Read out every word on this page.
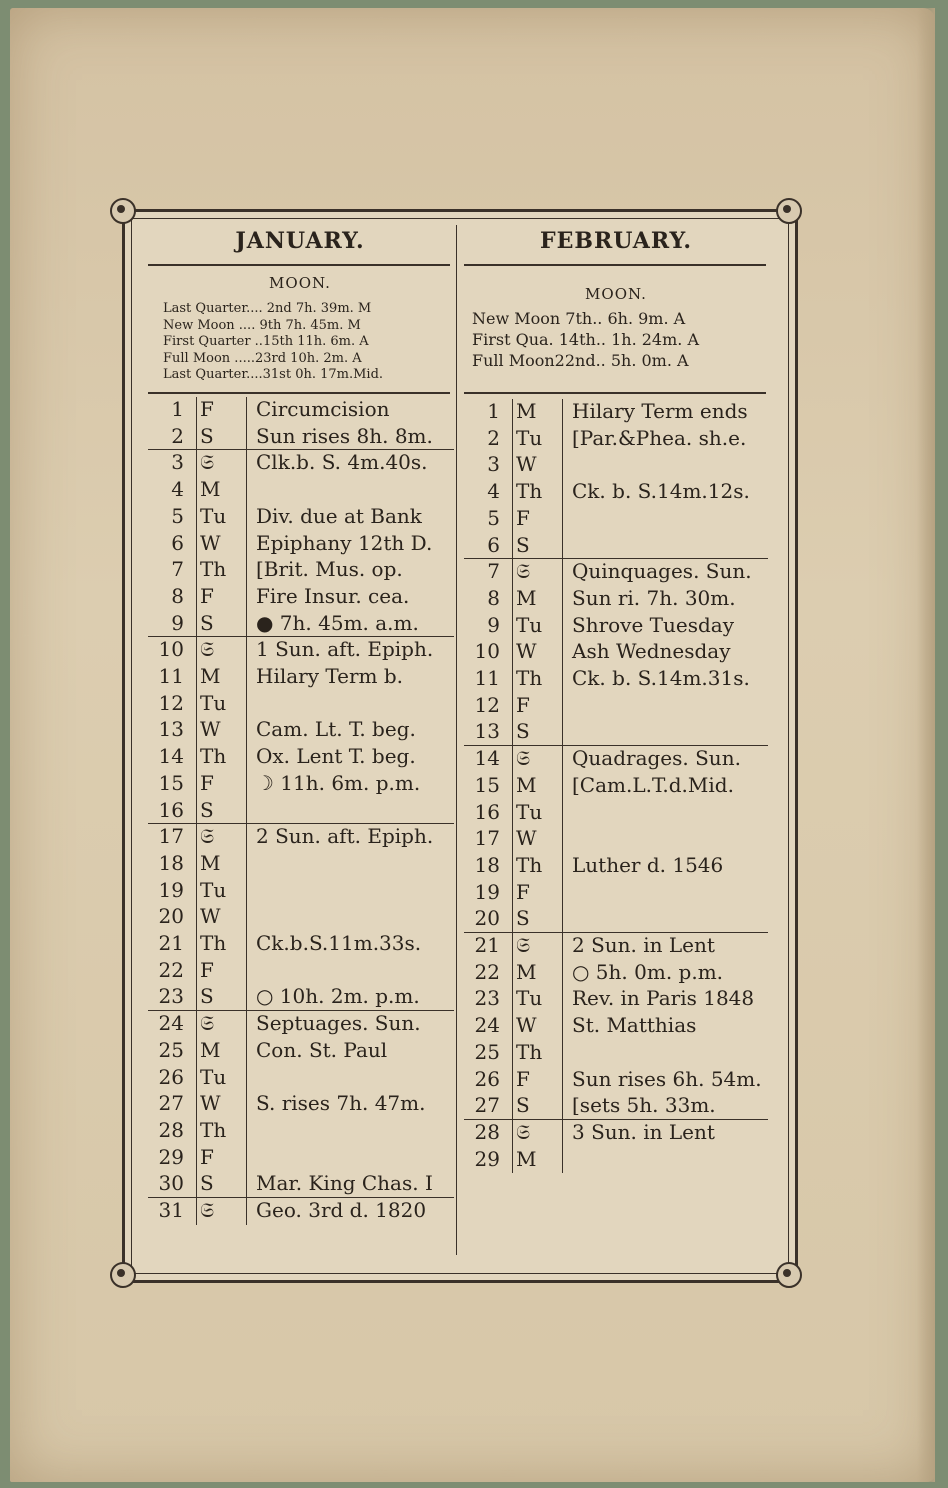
JANUARY.	FEBRUARY.
MOON.
Last Quarter.... 2nd 7h. 39m. M
New Moon .... 9th 7h. 45m. M
First Quarter ..15th 11h. 6m. A
Full Moon .....23rd 10h. 2m. A
Last Quarter....31st 0h. 17m.Mid.
MOON.
New Moon 7th.. 6h. 9m. A
First Qua. 14th.. 1h. 24m. A
Full Moon22nd.. 5h. 0m. A
1 F Circumcision
2 S Sun rises 8h. 8m.
3 𝔖 Clk.b. S. 4m.40s.
4 M
5 Tu Div. due at Bank
6 W Epiphany 12th D.
7 Th [Brit. Mus. op.
8 F Fire Insur. cea.
9 S ● 7h. 45m. a.m.
10 𝔖 1 Sun. aft. Epiph.
11 M Hilary Term b.
12 Tu
13 W Cam. Lt. T. beg.
14 Th Ox. Lent T. beg.
15 F ☽ 11h. 6m. p.m.
16 S
17 𝔖 2 Sun. aft. Epiph.
18 M
19 Tu
20 W
21 Th Ck.b.S.11m.33s.
22 F
23 S ○ 10h. 2m. p.m.
24 𝔖 Septuages. Sun.
25 M Con. St. Paul
26 Tu
27 W S. rises 7h. 47m.
28 Th
29 F
30 S Mar. King Chas. I
31 𝔖 Geo. 3rd d. 1820
1 M Hilary Term ends
2 Tu [Par.&Phea. sh.e.
3 W
4 Th Ck. b. S.14m.12s.
5 F
6 S
7 𝔖 Quinquages. Sun.
8 M Sun ri. 7h. 30m.
9 Tu Shrove Tuesday
10 W Ash Wednesday
11 Th Ck. b. S.14m.31s.
12 F
13 S
14 𝔖 Quadrages. Sun.
15 M [Cam.L.T.d.Mid.
16 Tu
17 W
18 Th Luther d. 1546
19 F
20 S
21 𝔖 2 Sun. in Lent
22 M ○ 5h. 0m. p.m.
23 Tu Rev. in Paris 1848
24 W St. Matthias
25 Th
26 F Sun rises 6h. 54m.
27 S [sets 5h. 33m.
28 𝔖 3 Sun. in Lent
29 M
